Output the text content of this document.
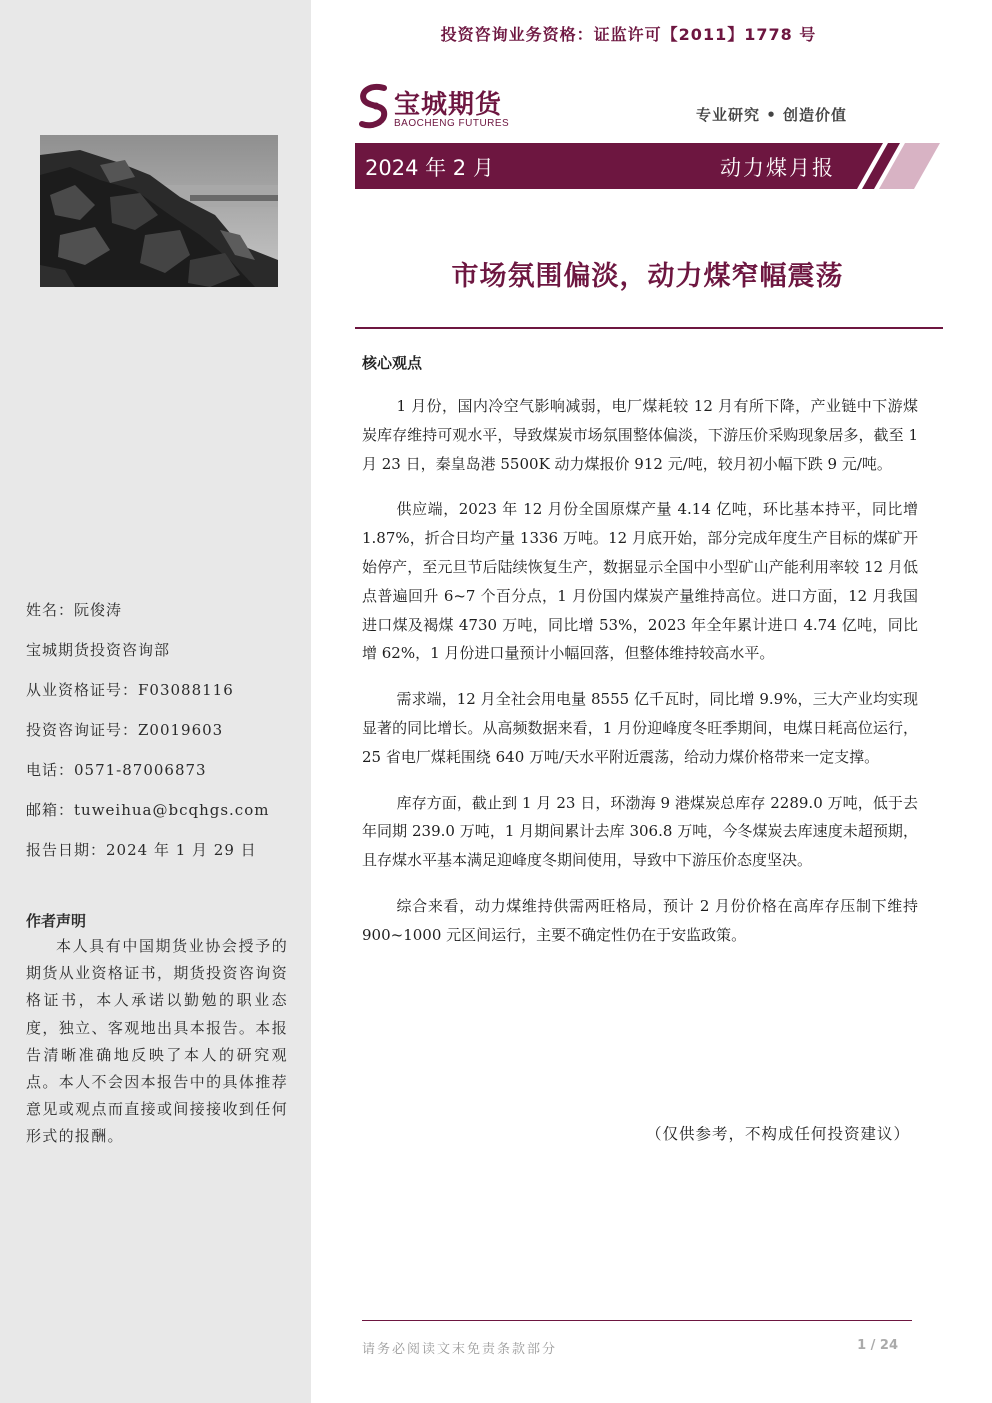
姓名：阮俊涛
宝城期货投资咨询部
从业资格证号：F03088116
投资咨询证号：Z0019603
电话：0571-87006873
邮箱：tuweihua@bcqhgs.com
报告日期：2024 年 1 月 29 日
作者声明
本人具有中国期货业协会授予的期货从业资格证书，期货投资咨询资格证书，本人承诺以勤勉的职业态度，独立、客观地出具本报告。本报告清晰准确地反映了本人的研究观点。本人不会因本报告中的具体推荐意见或观点而直接或间接接收到任何形式的报酬。
投资咨询业务资格：证监许可【2011】1778 号
宝城期货
BAOCHENG FUTURES	专业研究 • 创造价值
2024 年 2 月	动力煤月报
市场氛围偏淡，动力煤窄幅震荡
核心观点

1 月份，国内冷空气影响减弱，电厂煤耗较 12 月有所下降，产业链中下游煤炭库存维持可观水平，导致煤炭市场氛围整体偏淡，下游压价采购现象居多，截至 1 月 23 日，秦皇岛港 5500K 动力煤报价 912 元/吨，较月初小幅下跌 9 元/吨。

供应端，2023 年 12 月份全国原煤产量 4.14 亿吨，环比基本持平，同比增 1.87%，折合日均产量 1336 万吨。12 月底开始，部分完成年度生产目标的煤矿开始停产，至元旦节后陆续恢复生产，数据显示全国中小型矿山产能利用率较 12 月低点普遍回升 6~7 个百分点，1 月份国内煤炭产量维持高位。进口方面，12 月我国进口煤及褐煤 4730 万吨，同比增 53%，2023 年全年累计进口 4.74 亿吨，同比增 62%，1 月份进口量预计小幅回落，但整体维持较高水平。

需求端，12 月全社会用电量 8555 亿千瓦时，同比增 9.9%，三大产业均实现显著的同比增长。从高频数据来看，1 月份迎峰度冬旺季期间，电煤日耗高位运行，25 省电厂煤耗围绕 640 万吨/天水平附近震荡，给动力煤价格带来一定支撑。

库存方面，截止到 1 月 23 日，环渤海 9 港煤炭总库存 2289.0 万吨，低于去年同期 239.0 万吨，1 月期间累计去库 306.8 万吨，今冬煤炭去库速度未超预期，且存煤水平基本满足迎峰度冬期间使用，导致中下游压价态度坚决。

综合来看，动力煤维持供需两旺格局，预计 2 月份价格在高库存压制下维持 900~1000 元区间运行，主要不确定性仍在于安监政策。

（仅供参考，不构成任何投资建议）
请务必阅读文末免责条款部分	1 / 24
